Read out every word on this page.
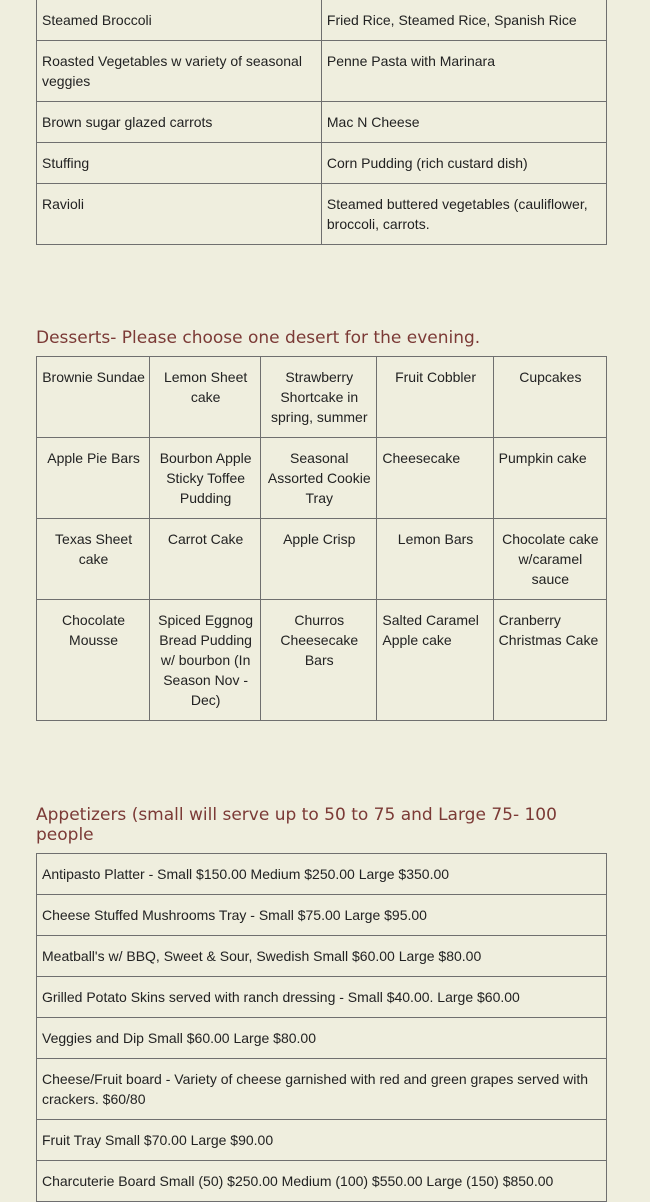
Steamed Broccoli	Fried Rice, Steamed Rice, Spanish Rice
Roasted Vegetables w variety of seasonal veggies	Penne Pasta with Marinara
Brown sugar glazed carrots	Mac N Cheese
Stuffing	Corn Pudding (rich custard dish)
Ravioli	Steamed buttered vegetables (cauliflower, broccoli, carrots.
Desserts- Please choose one desert for the evening.
Brownie Sundae	Lemon Sheet cake	Strawberry Shortcake in spring, summer	Fruit Cobbler	Cupcakes
Apple Pie Bars	Bourbon Apple Sticky Toffee Pudding	Seasonal Assorted Cookie Tray	Cheesecake	Pumpkin cake
Texas Sheet cake	Carrot Cake	Apple Crisp	Lemon Bars	Chocolate cake w/caramel sauce
Chocolate Mousse	Spiced Eggnog Bread Pudding w/ bourbon (In Season Nov - Dec)	Churros Cheesecake Bars	Salted Caramel Apple cake	Cranberry Christmas Cake
Appetizers (small will serve up to 50 to 75 and Large 75- 100 people
Antipasto Platter - Small $150.00 Medium $250.00 Large $350.00
Cheese Stuffed Mushrooms Tray - Small $75.00 Large $95.00
Meatball's w/ BBQ, Sweet & Sour, Swedish Small $60.00 Large $80.00
Grilled Potato Skins served with ranch dressing - Small $40.00. Large $60.00
Veggies and Dip Small $60.00 Large $80.00
Cheese/Fruit board - Variety of cheese garnished with red and green grapes served with crackers. $60/80
Fruit Tray Small $70.00 Large $90.00
Charcuterie Board Small (50) $250.00 Medium (100) $550.00 Large (150) $850.00
